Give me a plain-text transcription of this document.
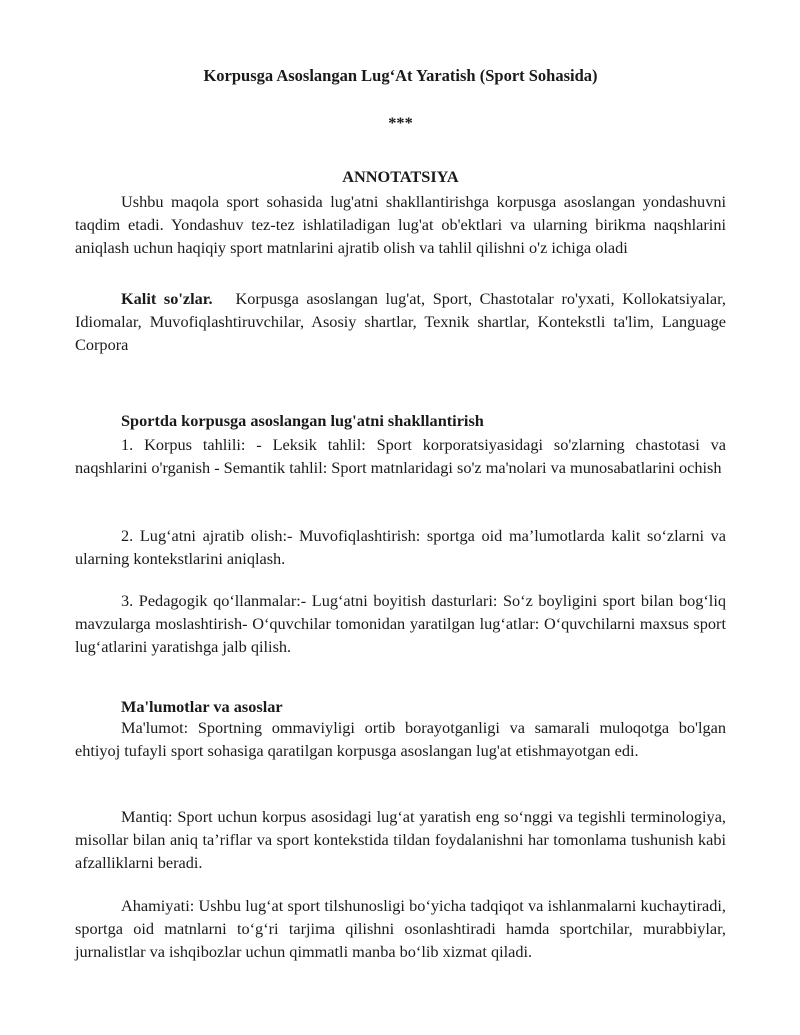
Korpusga Asoslangan Lug‘At Yaratish (Sport Sohasida)
***
ANNOTATSIYA

Ushbu maqola sport sohasida lug'atni shakllantirishga korpusga asoslangan yondashuvni taqdim etadi. Yondashuv tez-tez ishlatiladigan lug'at ob'ektlari va ularning birikma naqshlarini aniqlash uchun haqiqiy sport matnlarini ajratib olish va tahlil qilishni o'z ichiga oladi

Kalit so'zlar. Korpusga asoslangan lug'at, Sport, Chastotalar ro'yxati, Kollokatsiyalar, Idiomalar, Muvofiqlashtiruvchilar, Asosiy shartlar, Texnik shartlar, Kontekstli ta'lim, Language Corpora

Sportda korpusga asoslangan lug'atni shakllantirish

1. Korpus tahlili: - Leksik tahlil: Sport korporatsiyasidagi so'zlarning chastotasi va naqshlarini o'rganish - Semantik tahlil: Sport matnlaridagi so'z ma'nolari va munosabatlarini ochish

2. Lug‘atni ajratib olish:- Muvofiqlashtirish: sportga oid ma’lumotlarda kalit so‘zlarni va ularning kontekstlarini aniqlash.

3. Pedagogik qo‘llanmalar:- Lug‘atni boyitish dasturlari: So‘z boyligini sport bilan bog‘liq mavzularga moslashtirish- O‘quvchilar tomonidan yaratilgan lug‘atlar: O‘quvchilarni maxsus sport lug‘atlarini yaratishga jalb qilish.

Ma'lumotlar va asoslar

Ma'lumot: Sportning ommaviyligi ortib borayotganligi va samarali muloqotga bo'lgan ehtiyoj tufayli sport sohasiga qaratilgan korpusga asoslangan lug'at etishmayotgan edi.

Mantiq: Sport uchun korpus asosidagi lug‘at yaratish eng so‘nggi va tegishli terminologiya, misollar bilan aniq ta’riflar va sport kontekstida tildan foydalanishni har tomonlama tushunish kabi afzalliklarni beradi.

Ahamiyati: Ushbu lug‘at sport tilshunosligi bo‘yicha tadqiqot va ishlanmalarni kuchaytiradi, sportga oid matnlarni to‘g‘ri tarjima qilishni osonlashtiradi hamda sportchilar, murabbiylar, jurnalistlar va ishqibozlar uchun qimmatli manba bo‘lib xizmat qiladi.
